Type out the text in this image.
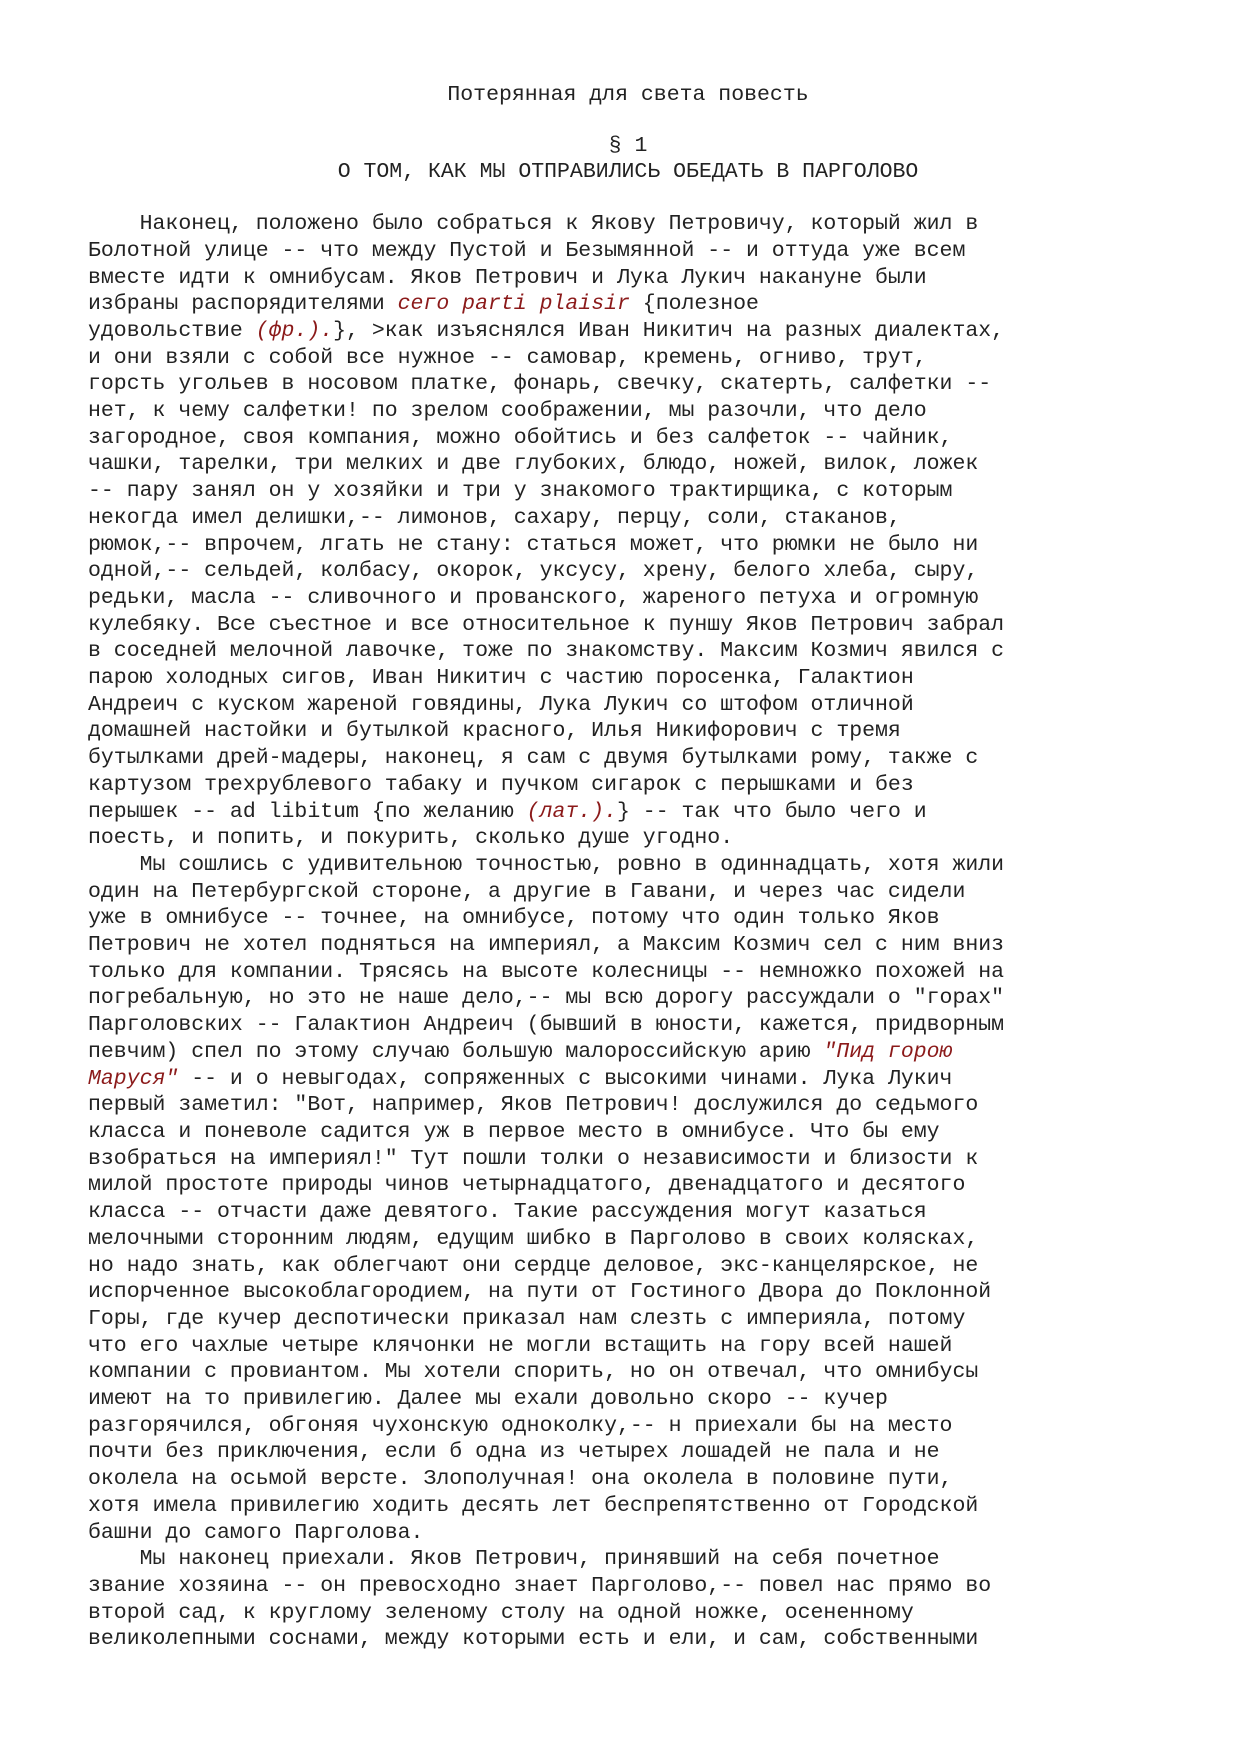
Потерянная для света повесть
§ 1
О ТОМ, КАК МЫ ОТПРАВИЛИСЬ ОБЕДАТЬ В ПАРГОЛОВО
Наконец, положено было собраться к Якову Петровичу, который жил в
Болотной улице -- что между Пустой и Безымянной -- и оттуда уже всем
вместе идти к омнибусам. Яков Петрович и Лука Лукич накануне были
избраны распорядителями сего parti plaisir {полезное
удовольствие (фр.).}, >как изъяснялся Иван Никитич на разных диалектах,
и они взяли с собой все нужное -- самовар, кремень, огниво, трут,
горсть угольев в носовом платке, фонарь, свечку, скатерть, салфетки --
нет, к чему салфетки! по зрелом соображении, мы разочли, что дело
загородное, своя компания, можно обойтись и без салфеток -- чайник,
чашки, тарелки, три мелких и две глубоких, блюдо, ножей, вилок, ложек
-- пару занял он у хозяйки и три у знакомого трактирщика, с которым
некогда имел делишки,-- лимонов, сахару, перцу, соли, стаканов,
рюмок,-- впрочем, лгать не стану: статься может, что рюмки не было ни
одной,-- сельдей, колбасу, окорок, уксусу, хрену, белого хлеба, сыру,
редьки, масла -- сливочного и прованского, жареного петуха и огромную
кулебяку. Все съестное и все относительное к пуншу Яков Петрович забрал
в соседней мелочной лавочке, тоже по знакомству. Максим Козмич явился с
парою холодных сигов, Иван Никитич с частию поросенка, Галактион
Андреич с куском жареной говядины, Лука Лукич со штофом отличной
домашней настойки и бутылкой красного, Илья Никифорович с тремя
бутылками дрей-мадеры, наконец, я сам с двумя бутылками рому, также с
картузом трехрублевого табаку и пучком сигарок с перышками и без
перышек -- ad libitum {по желанию (лат.).} -- так что было чего и
поесть, и попить, и покурить, сколько душе угодно.
Мы сошлись с удивительною точностью, ровно в одиннадцать, хотя жили
один на Петербургской стороне, а другие в Гавани, и через час сидели
уже в омнибусе -- точнее, на омнибусе, потому что один только Яков
Петрович не хотел подняться на империял, а Максим Козмич сел с ним вниз
только для компании. Трясясь на высоте колесницы -- немножко похожей на
погребальную, но это не наше дело,-- мы всю дорогу рассуждали о "горах"
Парголовских -- Галактион Андреич (бывший в юности, кажется, придворным
певчим) спел по этому случаю большую малороссийскую арию "Пид горою
Маруся" -- и о невыгодах, сопряженных с высокими чинами. Лука Лукич
первый заметил: "Вот, например, Яков Петрович! дослужился до седьмого
класса и поневоле садится уж в первое место в омнибусе. Что бы ему
взобраться на империял!" Тут пошли толки о независимости и близости к
милой простоте природы чинов четырнадцатого, двенадцатого и десятого
класса -- отчасти даже девятого. Такие рассуждения могут казаться
мелочными сторонним людям, едущим шибко в Парголово в своих колясках,
но надо знать, как облегчают они сердце деловое, экс-канцелярское, не
испорченное высокоблагородием, на пути от Гостиного Двора до Поклонной
Горы, где кучер деспотически приказал нам слезть с империяла, потому
что его чахлые четыре клячонки не могли встащить на гору всей нашей
компании с провиантом. Мы хотели спорить, но он отвечал, что омнибусы
имеют на то привилегию. Далее мы ехали довольно скоро -- кучер
разгорячился, обгоняя чухонскую одноколку,-- н приехали бы на место
почти без приключения, если б одна из четырех лошадей не пала и не
околела на осьмой версте. Злополучная! она околела в половине пути,
хотя имела привилегию ходить десять лет беспрепятственно от Городской
башни до самого Парголова.
Мы наконец приехали. Яков Петрович, принявший на себя почетное
звание хозяина -- он превосходно знает Парголово,-- повел нас прямо во
второй сад, к круглому зеленому столу на одной ножке, осененному
великолепными соснами, между которыми есть и ели, и сам, собственными
